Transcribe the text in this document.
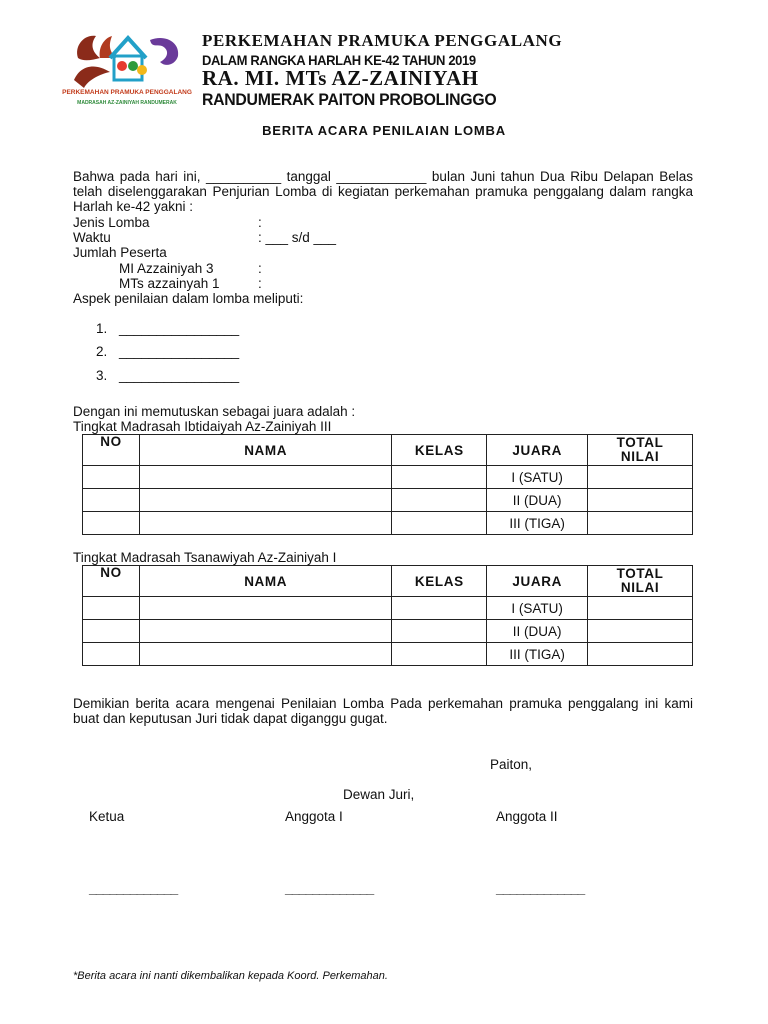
PERKEMAHAN PRAMUKA PENGGALANG
MADRASAH AZ-ZAINIYAH RANDUMERAK
PERKEMAHAN PRAMUKA PENGGALANG
DALAM RANGKA HARLAH KE-42 TAHUN 2019
RA. MI. MTs AZ-ZAINIYAH
RANDUMERAK PAITON PROBOLINGGO
BERITA ACARA PENILAIAN LOMBA
Bahwa pada hari ini, __________ tanggal ____________ bulan Juni tahun Dua Ribu Delapan Belas telah diselenggarakan Penjurian Lomba di kegiatan perkemahan pramuka penggalang dalam rangka Harlah ke-42 yakni :
Jenis Lomba	:
Waktu	: ___ s/d ___
Jumlah Peserta
MI Azzainiyah 3	:
MTs azzainyah 1	:
Aspek penilaian dalam lomba meliputi:
1. ________________
2. ________________
3. ________________
Dengan ini memutuskan sebagai juara adalah :
Tingkat Madrasah Ibtidaiyah Az-Zainiyah III
NO	NAMA	KELAS	JUARA	TOTAL
NILAI
			I (SATU)	
			II (DUA)	
			III (TIGA)	
Tingkat Madrasah Tsanawiyah Az-Zainiyah I
NO	NAMA	KELAS	JUARA	TOTAL
NILAI
			I (SATU)	
			II (DUA)	
			III (TIGA)	
Demikian berita acara mengenai Penilaian Lomba Pada perkemahan pramuka penggalang ini kami buat dan keputusan Juri tidak dapat diganggu gugat.
Paiton,
Dewan Juri,
Ketua	Anggota I	Anggota II
_____________	_____________	_____________
*Berita acara ini nanti dikembalikan kepada Koord. Perkemahan.
